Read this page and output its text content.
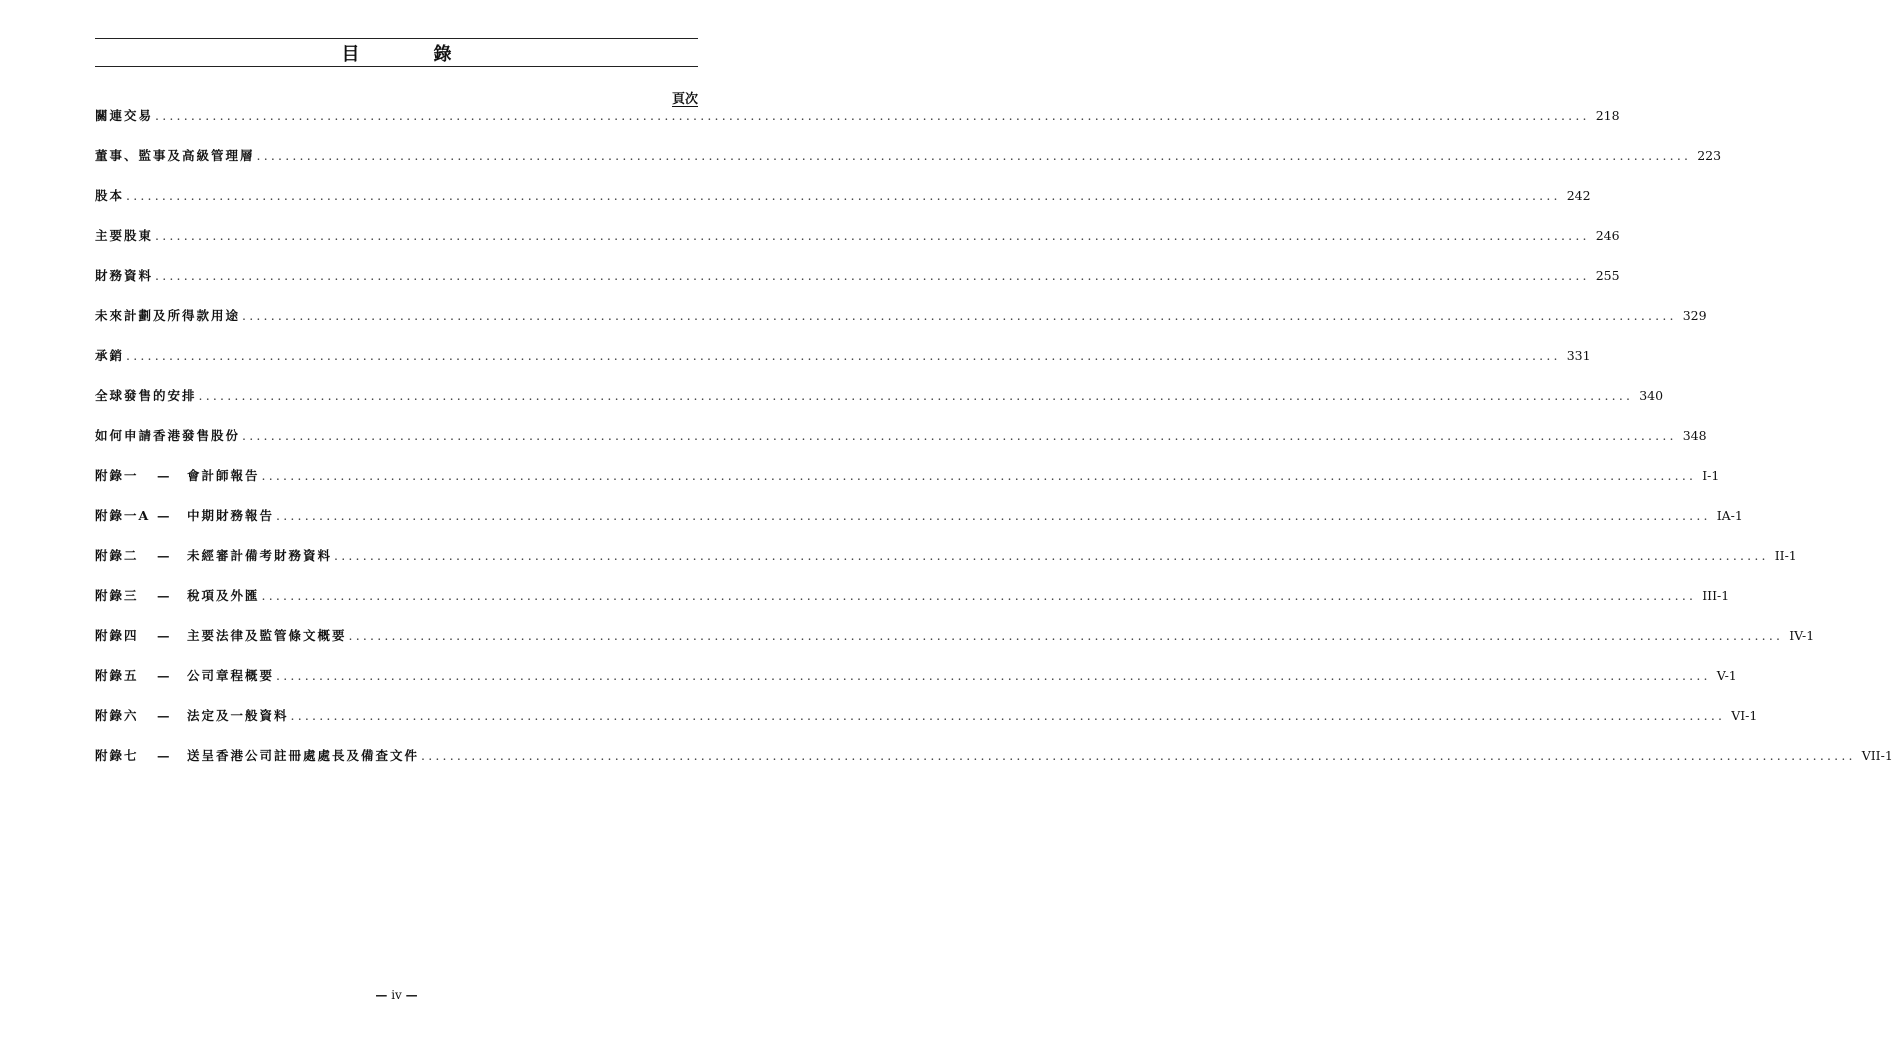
目　錄
頁次
關連交易 ........................................................................................................................................................................................................ 218
董事、監事及高級管理層 ........................................................................................................................................................................................................ 223
股本 ........................................................................................................................................................................................................ 242
主要股東 ........................................................................................................................................................................................................ 246
財務資料 ........................................................................................................................................................................................................ 255
未來計劃及所得款用途 ........................................................................................................................................................................................................ 329
承銷 ........................................................................................................................................................................................................ 331
全球發售的安排 ........................................................................................................................................................................................................ 340
如何申請香港發售股份 ........................................................................................................................................................................................................ 348
附錄一	—	會計師報告 ........................................................................................................................................................................................................ I-1
附錄一A —	中期財務報告 ........................................................................................................................................................................................................ IA-1
附錄二	—	未經審計備考財務資料 ........................................................................................................................................................................................................ II-1
附錄三	—	稅項及外匯 ........................................................................................................................................................................................................ III-1
附錄四	—	主要法律及監管條文概要 ........................................................................................................................................................................................................ IV-1
附錄五	—	公司章程概要 ........................................................................................................................................................................................................ V-1
附錄六	—	法定及一般資料 ........................................................................................................................................................................................................ VI-1
附錄七	—	送呈香港公司註冊處處長及備查文件 ........................................................................................................................................................................................................ VII-1
— iv —
